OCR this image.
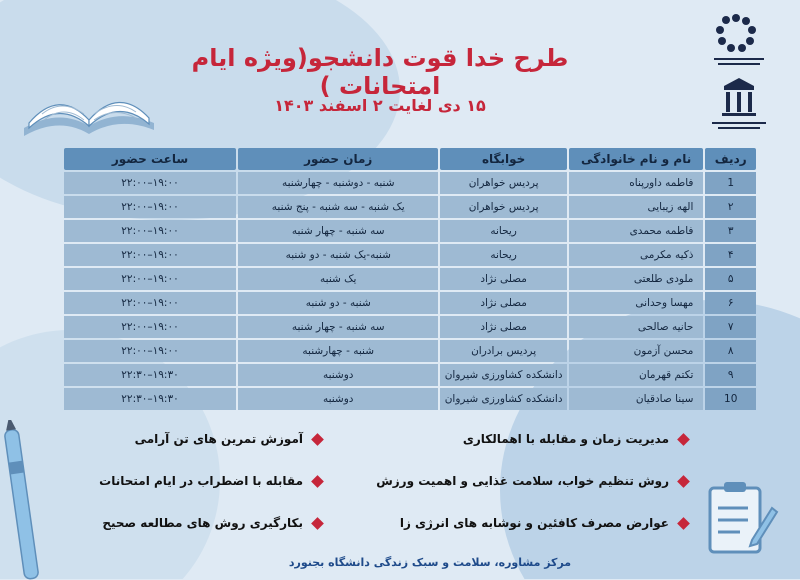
طرح خدا قوت دانشجو(ویژه ایام امتحانات )
۱۵ دی لغایت ۲ اسفند ۱۴۰۳
ردیف	نام و نام خانوادگی	خوابگاه	زمان حضور	ساعت حضور
1	فاطمه داورپناه	پردیس خواهران	شنبه - دوشنبه - چهارشنبه	۱۹:۰۰–۲۲:۰۰
۲	الهه زیبایی	پردیس خواهران	یک شنبه - سه شنبه - پنج شنبه	۱۹:۰۰–۲۲:۰۰
۳	فاطمه محمدی	ریحانه	سه شنبه - چهار شنبه	۱۹:۰۰–۲۲:۰۰
۴	ذکیه مکرمی	ریحانه	شنبه-یک شنبه - دو شنبه	۱۹:۰۰–۲۲:۰۰
۵	ملودی طلعتی	مصلی نژاد	یک شنبه	۱۹:۰۰–۲۲:۰۰
۶	مهسا وحدانی	مصلی نژاد	شنبه - دو شنبه	۱۹:۰۰–۲۲:۰۰
۷	حانیه صالحی	مصلی نژاد	سه شنبه - چهار شنبه	۱۹:۰۰–۲۲:۰۰
۸	محسن آزمون	پردیس برادران	شنبه - چهارشنبه	۱۹:۰۰–۲۲:۰۰
۹	تکتم قهرمان	دانشکده کشاورزی شیروان	دوشنبه	۱۹:۳۰–۲۲:۳۰
10	سینا صادقیان	دانشکده کشاورزی شیروان	دوشنبه	۱۹:۳۰–۲۲:۳۰
مدیریت زمان و مقابله با اهمالکاری
روش تنظیم خواب، سلامت غذایی و اهمیت ورزش
عوارض مصرف کافئین و نوشابه های انرژی زا
آموزش تمرین های تن آرامی
مقابله با اضطراب در ایام امتحانات
بکارگیری روش های مطالعه صحیح
مرکز مشاوره، سلامت و سبک زندگی دانشگاه بجنورد
